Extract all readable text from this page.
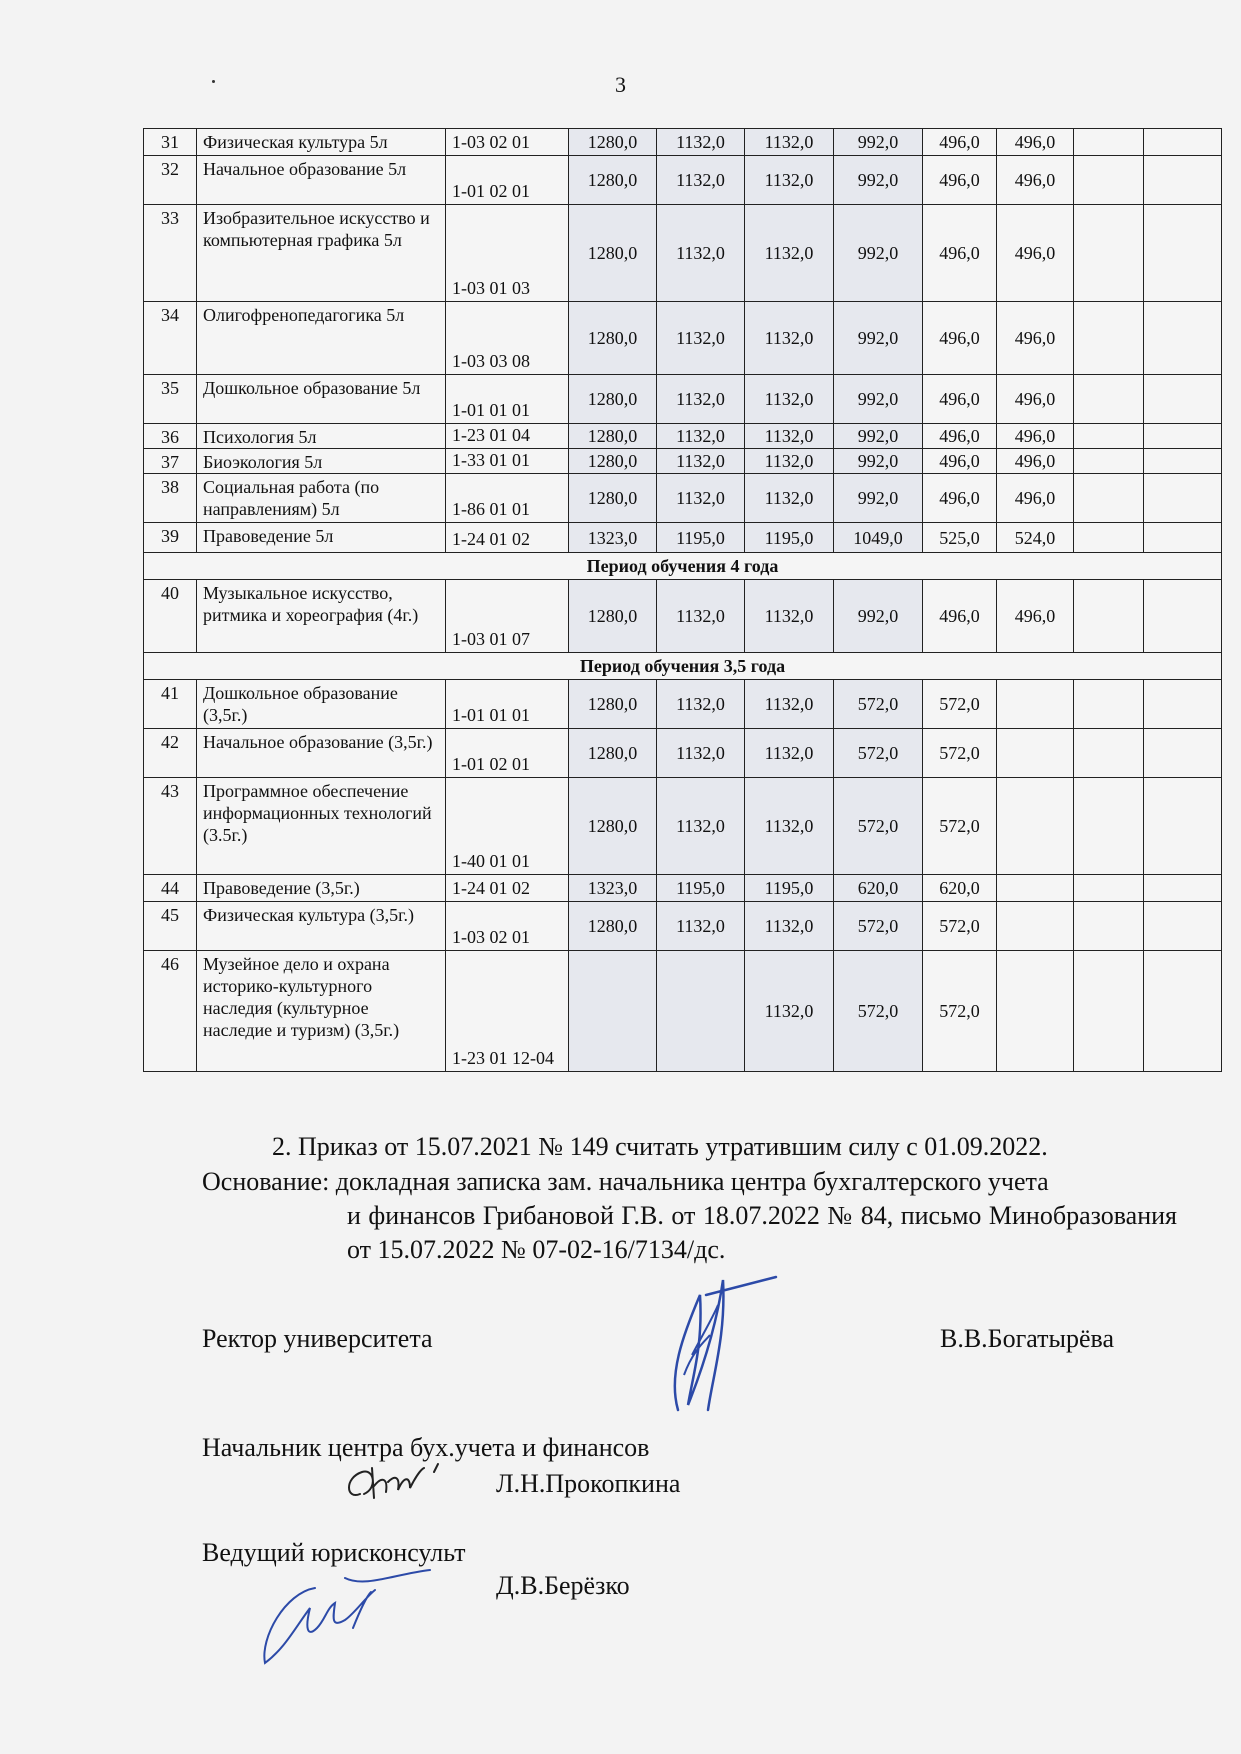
3
31	Физическая культура 5л	1-03 02 01	1280,0	1132,0	1132,0	992,0	496,0	496,0		
32	Начальное образование 5л	1-01 02 01	1280,0	1132,0	1132,0	992,0	496,0	496,0		
33	Изобразительное искусство и компьютерная графика 5л	1-03 01 03	1280,0	1132,0	1132,0	992,0	496,0	496,0		
34	Олигофренопедагогика 5л	1-03 03 08	1280,0	1132,0	1132,0	992,0	496,0	496,0		
35	Дошкольное образование 5л	1-01 01 01	1280,0	1132,0	1132,0	992,0	496,0	496,0		
36	Психология 5л	1-23 01 04	1280,0	1132,0	1132,0	992,0	496,0	496,0		
37	Биоэкология 5л	1-33 01 01	1280,0	1132,0	1132,0	992,0	496,0	496,0		
38	Социальная работа (по направлениям) 5л	1-86 01 01	1280,0	1132,0	1132,0	992,0	496,0	496,0		
39	Правоведение 5л	1-24 01 02	1323,0	1195,0	1195,0	1049,0	525,0	524,0		
Период обучения 4 года										
40	Музыкальное искусство, ритмика и хореография (4г.)	1-03 01 07	1280,0	1132,0	1132,0	992,0	496,0	496,0		
Период обучения 3,5 года										
41	Дошкольное образование (3,5г.)	1-01 01 01	1280,0	1132,0	1132,0	572,0	572,0			
42	Начальное образование (3,5г.)	1-01 02 01	1280,0	1132,0	1132,0	572,0	572,0			
43	Программное обеспечение информационных технологий (3.5г.)	1-40 01 01	1280,0	1132,0	1132,0	572,0	572,0			
44	Правоведение (3,5г.)	1-24 01 02	1323,0	1195,0	1195,0	620,0	620,0			
45	Физическая культура (3,5г.)	1-03 02 01	1280,0	1132,0	1132,0	572,0	572,0			
46	Музейное дело и охрана историко-культурного наследия (культурное наследие и туризм) (3,5г.)	1-23 01 12-04			1132,0	572,0	572,0			
2. Приказ от 15.07.2021 № 149 считать утратившим силу с 01.09.2022.
Основание: докладная записка зам. начальника центра бухгалтерского учета
и финансов Грибановой Г.В. от 18.07.2022 № 84, письмо Минобразования от 15.07.2022 № 07-02-16/7134/дс.
Ректор университета	В.В.Богатырёва
Начальник центра бух.учета и финансов
Л.Н.Прокопкина
Ведущий юрисконсульт
Д.В.Берёзко
